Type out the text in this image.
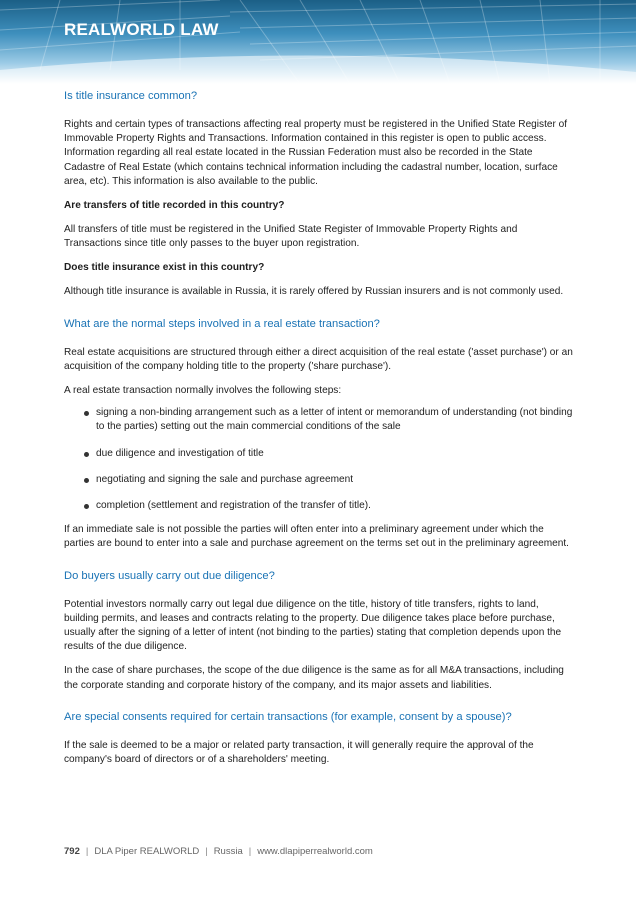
REALWORLD LAW
Is title insurance common?

Rights and certain types of transactions affecting real property must be registered in the Unified State Register of Immovable Property Rights and Transactions. Information contained in this register is open to public access. Information regarding all real estate located in the Russian Federation must also be recorded in the State Cadastre of Real Estate (which contains technical information including the cadastral number, location, surface area, etc). This information is also available to the public.

Are transfers of title recorded in this country?

All transfers of title must be registered in the Unified State Register of Immovable Property Rights and Transactions since title only passes to the buyer upon registration.

Does title insurance exist in this country?

Although title insurance is available in Russia, it is rarely offered by Russian insurers and is not commonly used.

What are the normal steps involved in a real estate transaction?

Real estate acquisitions are structured through either a direct acquisition of the real estate ('asset purchase') or an acquisition of the company holding title to the property ('share purchase').

A real estate transaction normally involves the following steps:

signing a non-binding arrangement such as a letter of intent or memorandum of understanding (not binding to the parties) setting out the main commercial conditions of the sale
due diligence and investigation of title
negotiating and signing the sale and purchase agreement
completion (settlement and registration of the transfer of title).

If an immediate sale is not possible the parties will often enter into a preliminary agreement under which the parties are bound to enter into a sale and purchase agreement on the terms set out in the preliminary agreement.

Do buyers usually carry out due diligence?

Potential investors normally carry out legal due diligence on the title, history of title transfers, rights to land, building permits, and leases and contracts relating to the property. Due diligence takes place before purchase, usually after the signing of a letter of intent (not binding to the parties) stating that completion depends upon the results of the due diligence.

In the case of share purchases, the scope of the due diligence is the same as for all M&A transactions, including the corporate standing and corporate history of the company, and its major assets and liabilities.

Are special consents required for certain transactions (for example, consent by a spouse)?

If the sale is deemed to be a major or related party transaction, it will generally require the approval of the company's board of directors or of a shareholders' meeting.

792 | DLA Piper REALWORLD | Russia | www.dlapiperrealworld.com
